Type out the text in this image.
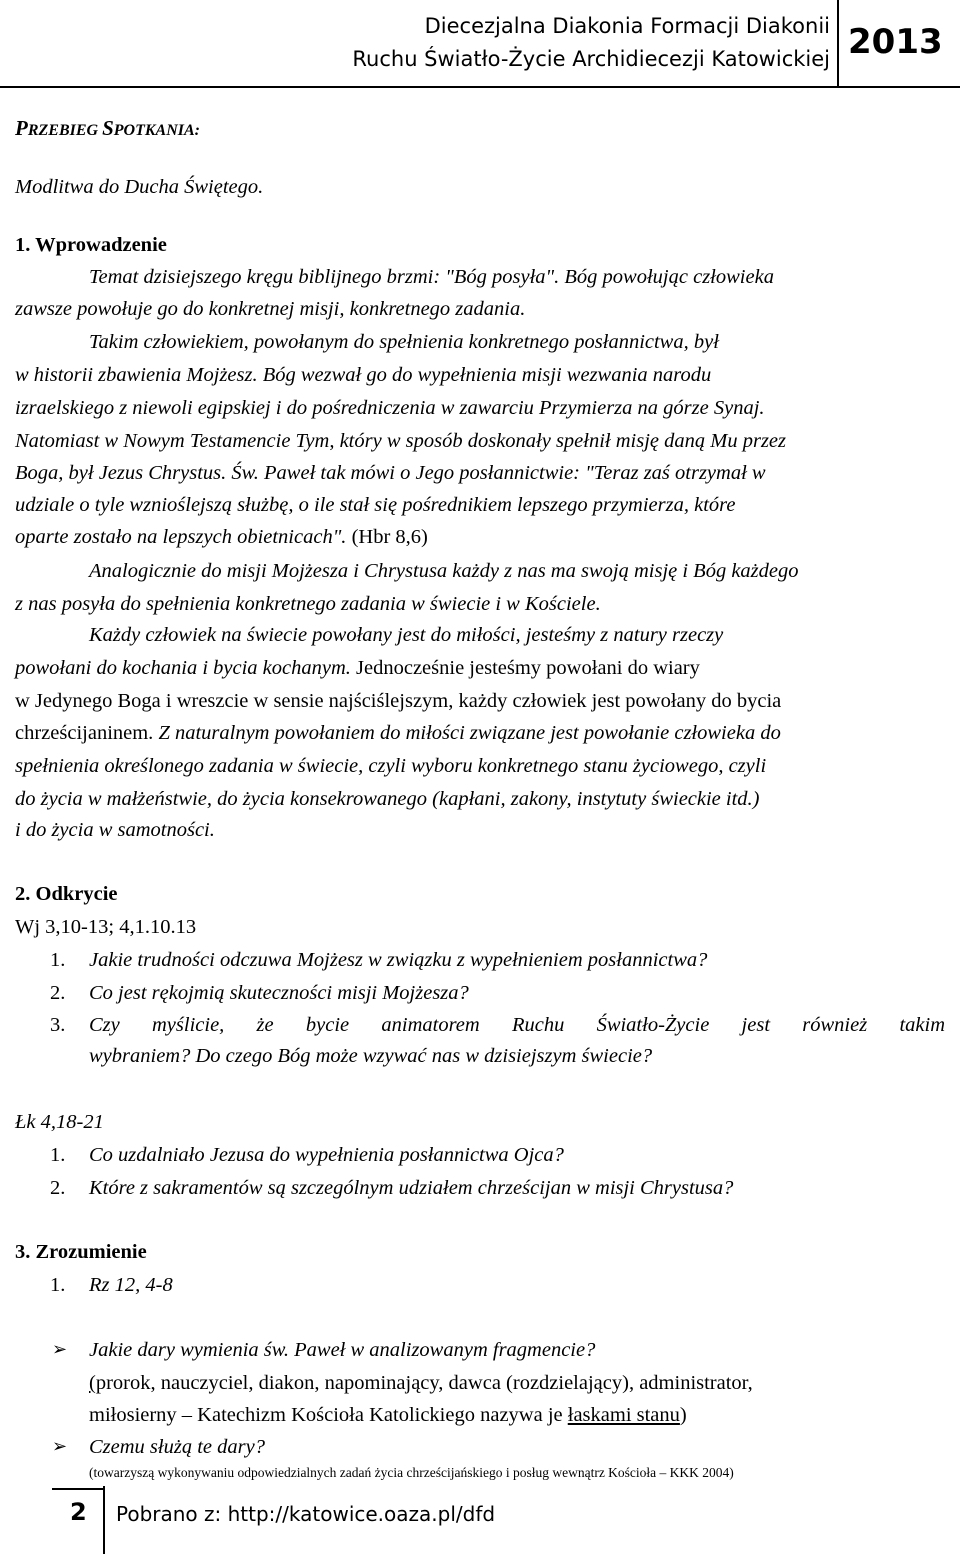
Diecezjalna Diakonia Formacji Diakonii
Ruchu Światło-Życie Archidiecezji Katowickiej 2013
PRZEBIEG SPOTKANIA:
Modlitwa do Ducha Świętego.
1. Wprowadzenie
Temat dzisiejszego kręgu biblijnego brzmi: "Bóg posyła". Bóg powołując człowieka
zawsze powołuje go do konkretnej misji, konkretnego zadania.
Takim człowiekiem, powołanym do spełnienia konkretnego posłannictwa, był
w historii zbawienia Mojżesz. Bóg wezwał go do wypełnienia misji wezwania narodu
izraelskiego z niewoli egipskiej i do pośredniczenia w zawarciu Przymierza na górze Synaj.
Natomiast w Nowym Testamencie Tym, który w sposób doskonały spełnił misję daną Mu przez
Boga, był Jezus Chrystus. Św. Paweł tak mówi o Jego posłannictwie: "Teraz zaś otrzymał w
udziale o tyle wznioślejszą służbę, o ile stał się pośrednikiem lepszego przymierza, które
oparte zostało na lepszych obietnicach". (Hbr 8,6)
Analogicznie do misji Mojżesza i Chrystusa każdy z nas ma swoją misję i Bóg każdego
z nas posyła do spełnienia konkretnego zadania w świecie i w Kościele.
Każdy człowiek na świecie powołany jest do miłości, jesteśmy z natury rzeczy
powołani do kochania i bycia kochanym. Jednocześnie jesteśmy powołani do wiary
w Jedynego Boga i wreszcie w sensie najściślejszym, każdy człowiek jest powołany do bycia
chrześcijaninem. Z naturalnym powołaniem do miłości związane jest powołanie człowieka do
spełnienia określonego zadania w świecie, czyli wyboru konkretnego stanu życiowego, czyli
do życia w małżeństwie, do życia konsekrowanego (kapłani, zakony, instytuty świeckie itd.)
i do życia w samotności.
2. Odkrycie
Wj 3,10-13; 4,1.10.13
1. Jakie trudności odczuwa Mojżesz w związku z wypełnieniem posłannictwa?
2. Co jest rękojmią skuteczności misji Mojżesza?
3. Czy myślicie, że bycie animatorem Ruchu Światło-Życie jest również takim
wybraniem? Do czego Bóg może wzywać nas w dzisiejszym świecie?
Łk 4,18-21
1. Co uzdalniało Jezusa do wypełnienia posłannictwa Ojca?
2. Które z sakramentów są szczególnym udziałem chrześcijan w misji Chrystusa?
3. Zrozumienie
1. Rz 12, 4-8
➢ Jakie dary wymienia św. Paweł w analizowanym fragmencie?
(prorok, nauczyciel, diakon, napominający, dawca (rozdzielający), administrator,
miłosierny – Katechizm Kościoła Katolickiego nazywa je łaskami stanu)
➢ Czemu służą te dary?
(towarzyszą wykonywaniu odpowiedzialnych zadań życia chrześcijańskiego i posług wewnątrz Kościoła – KKK 2004)
2 Pobrano z: http://katowice.oaza.pl/dfd
